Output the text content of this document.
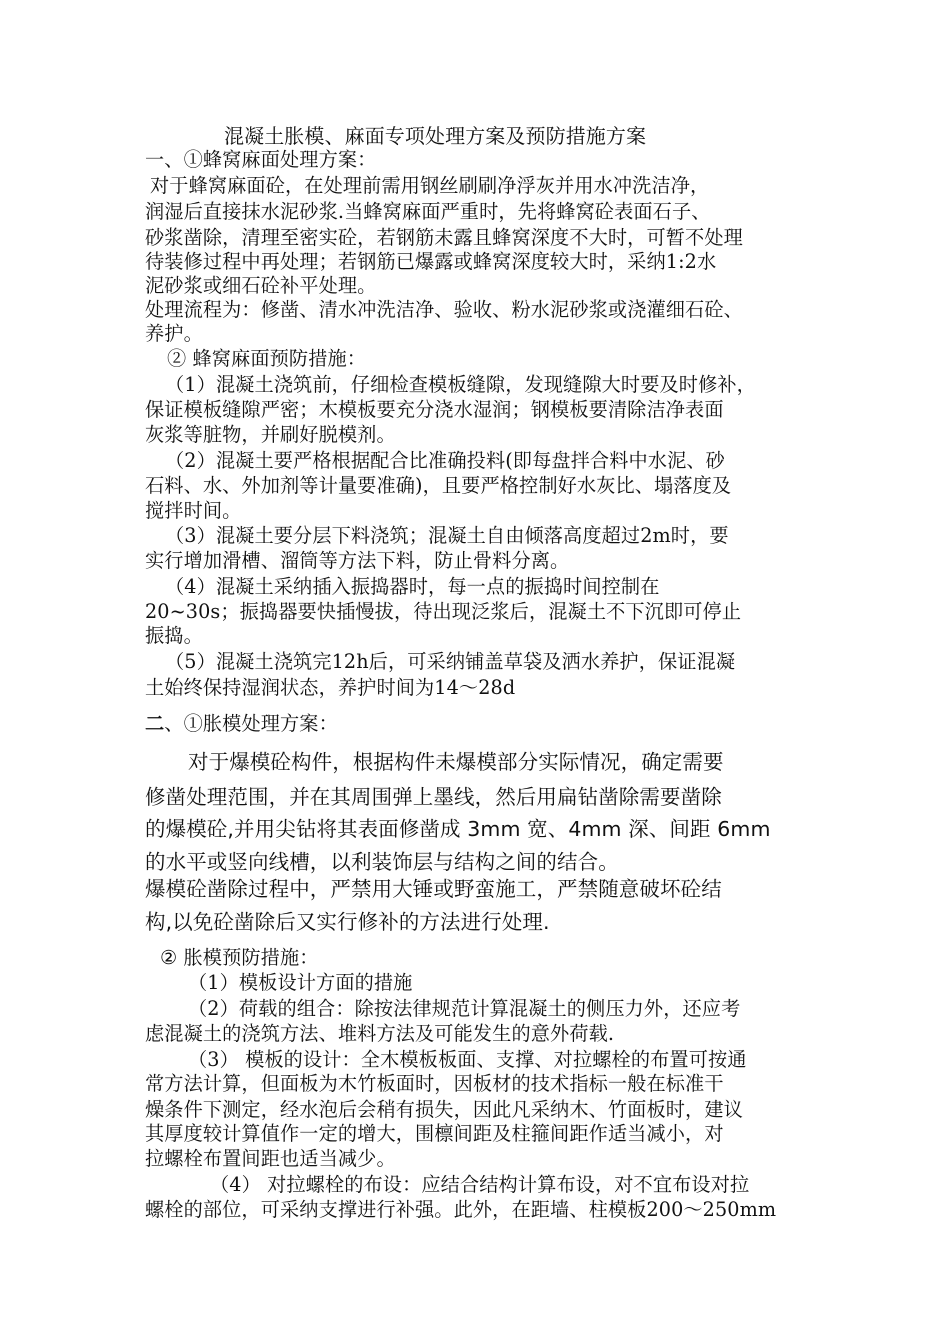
混凝土胀模、麻面专项处理方案及预防措施方案
一、①蜂窝麻面处理方案：
对于蜂窝麻面砼，在处理前需用钢丝刷刷净浮灰并用水冲洗洁净，
润湿后直接抹水泥砂浆.当蜂窝麻面严重时，先将蜂窝砼表面石子、
砂浆凿除，清理至密实砼，若钢筋未露且蜂窝深度不大时，可暂不处理
待装修过程中再处理；若钢筋已爆露或蜂窝深度较大时，采纳1:2水
泥砂浆或细石砼补平处理。
处理流程为：修凿、清水冲洗洁净、验收、粉水泥砂浆或浇灌细石砼、
养护。
② 蜂窝麻面预防措施：
（1）混凝土浇筑前，仔细检查模板缝隙，发现缝隙大时要及时修补，
保证模板缝隙严密；木模板要充分浇水湿润；钢模板要清除洁净表面
灰浆等脏物，并刷好脱模剂。
（2）混凝土要严格根据配合比准确投料(即每盘拌合料中水泥、砂
石料、水、外加剂等计量要准确)，且要严格控制好水灰比、塌落度及
搅拌时间。
（3）混凝土要分层下料浇筑；混凝土自由倾落高度超过2m时，要
实行增加滑槽、溜筒等方法下料，防止骨料分离。
（4）混凝土采纳插入振捣器时，每一点的振捣时间控制在
20~30s；振捣器要快插慢拔，待出现泛浆后，混凝土不下沉即可停止
振捣。
（5）混凝土浇筑完12h后，可采纳铺盖草袋及洒水养护，保证混凝
土始终保持湿润状态，养护时间为14～28d
二、①胀模处理方案：
对于爆模砼构件，根据构件未爆模部分实际情况，确定需要
修凿处理范围，并在其周围弹上墨线，然后用扁钻凿除需要凿除
的爆模砼,并用尖钻将其表面修凿成 3mm 宽、4mm 深、间距 6mm
的水平或竖向线槽，以利装饰层与结构之间的结合。
爆模砼凿除过程中，严禁用大锤或野蛮施工，严禁随意破坏砼结
构,以免砼凿除后又实行修补的方法进行处理.
② 胀模预防措施：
（1）模板设计方面的措施
（2）荷载的组合：除按法律规范计算混凝土的侧压力外，还应考
虑混凝土的浇筑方法、堆料方法及可能发生的意外荷载.
（3） 模板的设计：全木模板板面、支撑、对拉螺栓的布置可按通
常方法计算，但面板为木竹板面时，因板材的技术指标一般在标准干
燥条件下测定，经水泡后会稍有损失，因此凡采纳木、竹面板时，建议
其厚度较计算值作一定的增大，围檩间距及柱箍间距作适当减小，对
拉螺栓布置间距也适当减少。
（4） 对拉螺栓的布设：应结合结构计算布设，对不宜布设对拉
螺栓的部位，可采纳支撑进行补强。此外，在距墙、柱模板200～250mm
